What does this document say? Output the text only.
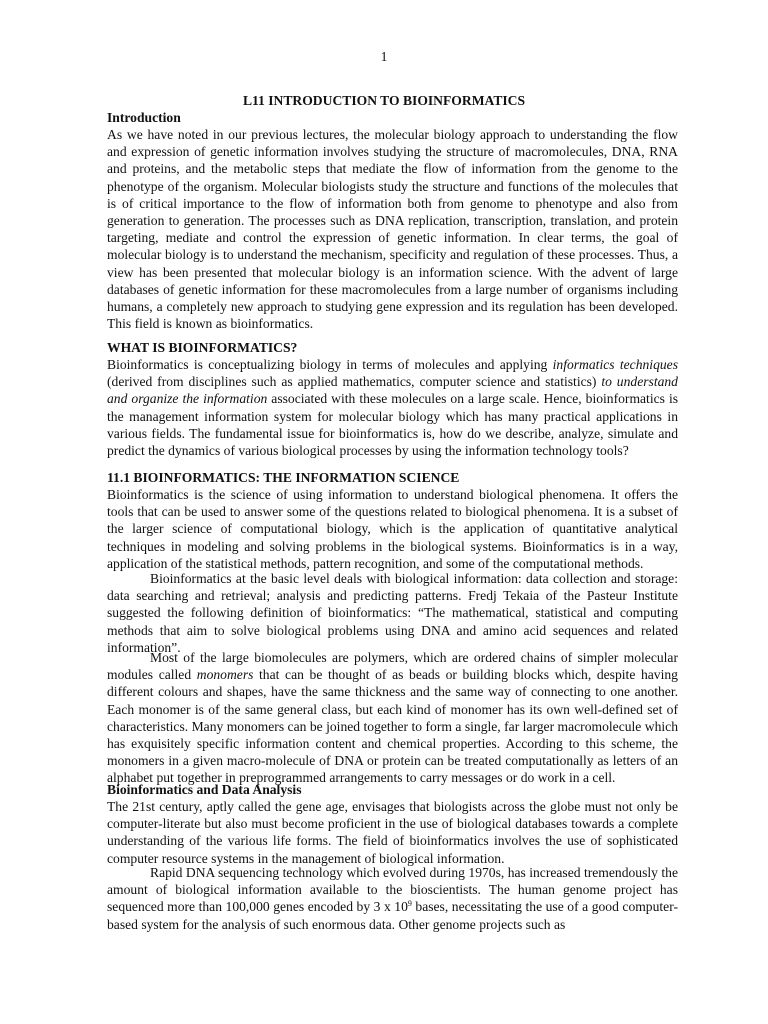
1

L11 INTRODUCTION TO BIOINFORMATICS

Introduction

As we have noted in our previous lectures, the molecular biology approach to understanding the flow and expression of genetic information involves studying the structure of macromolecules, DNA, RNA and proteins, and the metabolic steps that mediate the flow of information from the genome to the phenotype of the organism. Molecular biologists study the structure and functions of the molecules that is of critical importance to the flow of information both from genome to phenotype and also from generation to generation. The processes such as DNA replication, transcription, translation, and protein targeting, mediate and control the expression of genetic information. In clear terms, the goal of molecular biology is to understand the mechanism, specificity and regulation of these processes. Thus, a view has been presented that molecular biology is an information science. With the advent of large databases of genetic information for these macromolecules from a large number of organisms including humans, a completely new approach to studying gene expression and its regulation has been developed. This field is known as bioinformatics.

WHAT IS BIOINFORMATICS?

Bioinformatics is conceptualizing biology in terms of molecules and applying informatics techniques (derived from disciplines such as applied mathematics, computer science and statistics) to understand and organize the information associated with these molecules on a large scale. Hence, bioinformatics is the management information system for molecular biology which has many practical applications in various fields. The fundamental issue for bioinformatics is, how do we describe, analyze, simulate and predict the dynamics of various biological processes by using the information technology tools?

11.1 BIOINFORMATICS: THE INFORMATION SCIENCE

Bioinformatics is the science of using information to understand biological phenomena. It offers the tools that can be used to answer some of the questions related to biological phenomena. It is a subset of the larger science of computational biology, which is the application of quantitative analytical techniques in modeling and solving problems in the biological systems. Bioinformatics is in a way, application of the statistical methods, pattern recognition, and some of the computational methods.

Bioinformatics at the basic level deals with biological information: data collection and storage: data searching and retrieval; analysis and predicting patterns. Fredj Tekaia of the Pasteur Institute suggested the following definition of bioinformatics: “The mathematical, statistical and computing methods that aim to solve biological problems using DNA and amino acid sequences and related information”.

Most of the large biomolecules are polymers, which are ordered chains of simpler molecular modules called monomers that can be thought of as beads or building blocks which, despite having different colours and shapes, have the same thickness and the same way of connecting to one another. Each monomer is of the same general class, but each kind of monomer has its own well-defined set of characteristics. Many monomers can be joined together to form a single, far larger macromolecule which has exquisitely specific information content and chemical properties. According to this scheme, the monomers in a given macro-molecule of DNA or protein can be treated computationally as letters of an alphabet put together in preprogrammed arrangements to carry messages or do work in a cell.

Bioinformatics and Data Analysis

The 21st century, aptly called the gene age, envisages that biologists across the globe must not only be computer-literate but also must become proficient in the use of biological databases towards a complete understanding of the various life forms. The field of bioinformatics involves the use of sophisticated computer resource systems in the management of biological information.

Rapid DNA sequencing technology which evolved during 1970s, has increased tremendously the amount of biological information available to the bioscientists. The human genome project has sequenced more than 100,000 genes encoded by 3 x $10^9$ bases, necessitating the use of a good computer-based system for the analysis of such enormous data. Other genome projects such as
